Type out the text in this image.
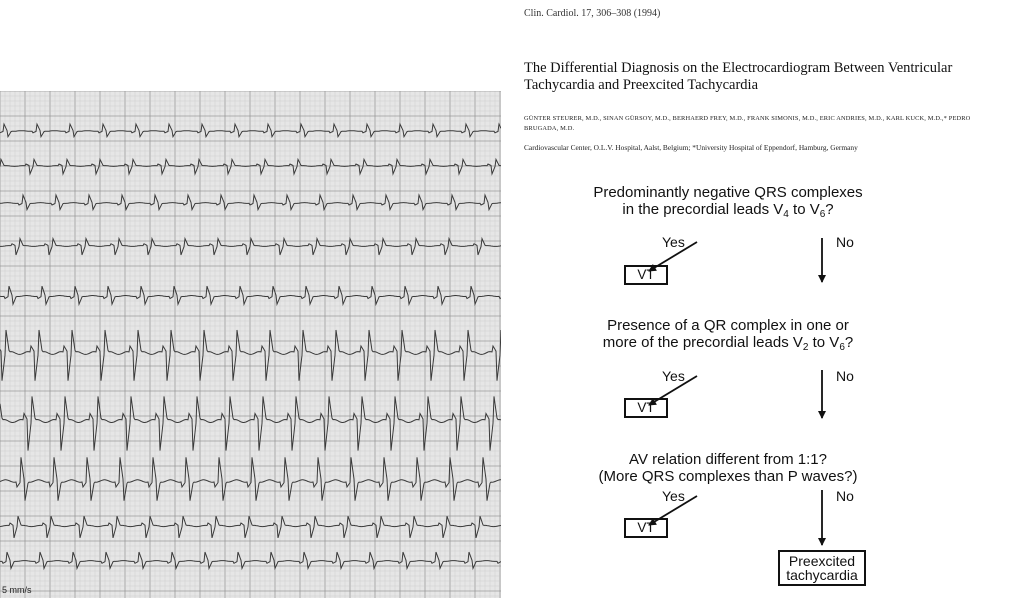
5 mm/s
Clin. Cardiol. 17, 306–308 (1994)
The Differential Diagnosis on the Electrocardiogram Between Ventricular Tachycardia and Preexcited Tachycardia
GÜNTER STEURER, M.D., SINAN GÜRSOY, M.D., BERHAERD FREY, M.D., FRANK SIMONIS, M.D., ERIC ANDRIES, M.D., KARL KUCK, M.D.,* PEDRO BRUGADA, M.D.
Cardiovascular Center, O.L.V. Hospital, Aalst, Belgium; *University Hospital of Eppendorf, Hamburg, Germany
Predominantly negative QRS complexes
in the precordial leads $V_4$ to $V_6$?
Yes	No
VT
Presence of a QR complex in one or
more of the precordial leads $V_2$ to $V_6$?
Yes	No
VT
AV relation different from 1:1?
(More QRS complexes than P waves?)
Yes	No
VT
Preexcited
tachycardia
